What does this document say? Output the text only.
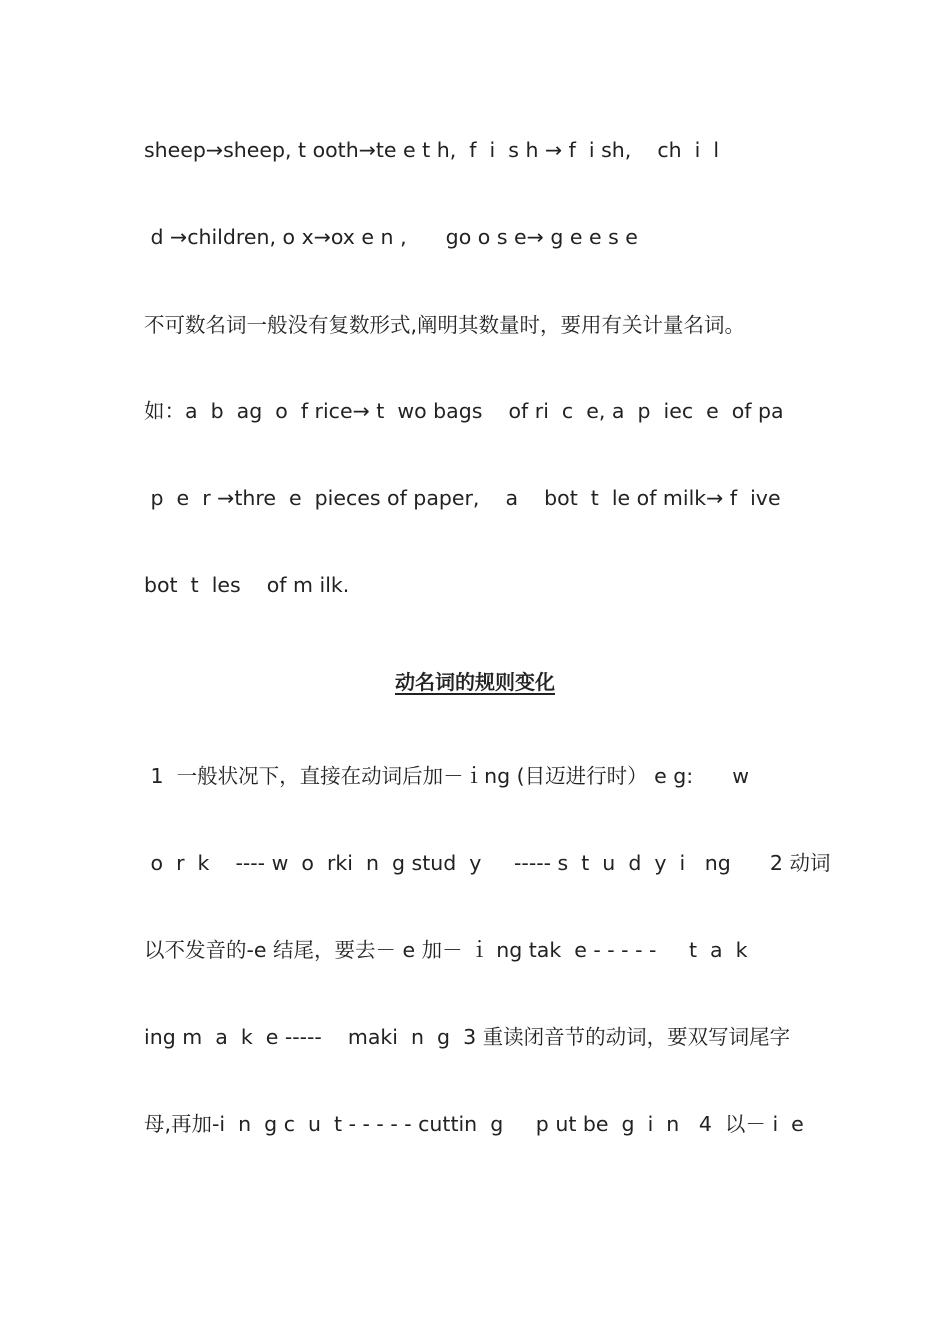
sheep→sheep, t ooth→te e t h,  f  i  s h → f  i sh,    ch  i  l
d →children, o x→ox e n ,      go o s e→ g e e s e
不可数名词一般没有复数形式,阐明其数量时，要用有关计量名词。
如：a  b  ag  o  f rice→ t  wo bags    of ri  c  e, a  p  iec  e  of pa
p  e  r →thre  e  pieces of paper,    a    bot  t  le of milk→ f  ive
bot  t  les    of m ilk.
动名词的规则变化
1  一般状况下，直接在动词后加－ｉng (目迈进行时） e g:      w
o  r  k    ---- w  o  rki  n  g stud  y     ----- s  t  u  d  y  i   ng      2 动词
以不发音的-e 结尾，要去－ e 加－ ｉ ng tak  e - - - - -     t  a  k
ing m  a  k  e -----    maki  n  g  3 重读闭音节的动词，要双写词尾字
母,再加-i  n  g c  u  t - - - - - cuttin  g     p ut be  g  i  n   4  以－ i  e
